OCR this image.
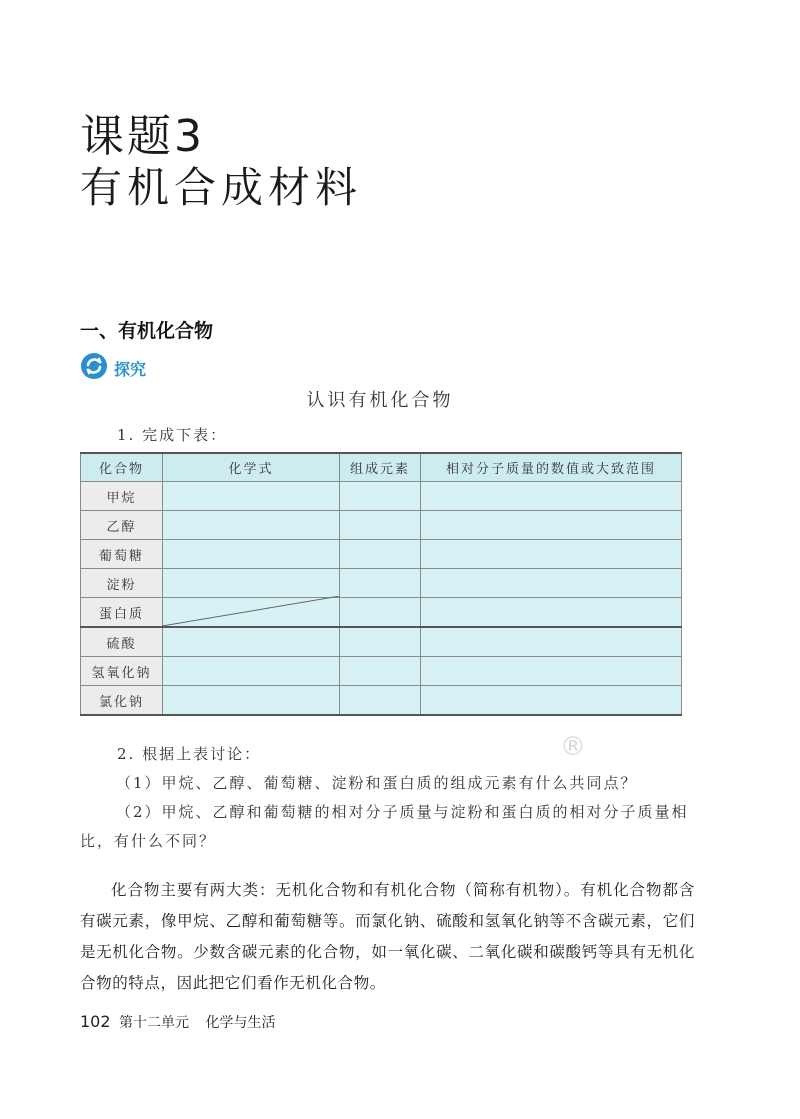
课题3
有机合成材料
一、有机化合物
探究
认识有机化合物
1. 完成下表：
化合物	化学式	组成元素	相对分子质量的数值或大致范围
甲烷			
乙醇			
葡萄糖			
淀粉			
蛋白质			
硫酸			
氢氧化钠			
氯化钠			
®

2. 根据上表讨论：

（1）甲烷、乙醇、葡萄糖、淀粉和蛋白质的组成元素有什么共同点？

（2）甲烷、乙醇和葡萄糖的相对分子质量与淀粉和蛋白质的相对分子质量相比，有什么不同？

化合物主要有两大类：无机化合物和有机化合物（简称有机物）。有机化合物都含有碳元素，像甲烷、乙醇和葡萄糖等。而氯化钠、硫酸和氢氧化钠等不含碳元素，它们是无机化合物。少数含碳元素的化合物，如一氧化碳、二氧化碳和碳酸钙等具有无机化合物的特点，因此把它们看作无机化合物。

102 第十二单元 化学与生活
